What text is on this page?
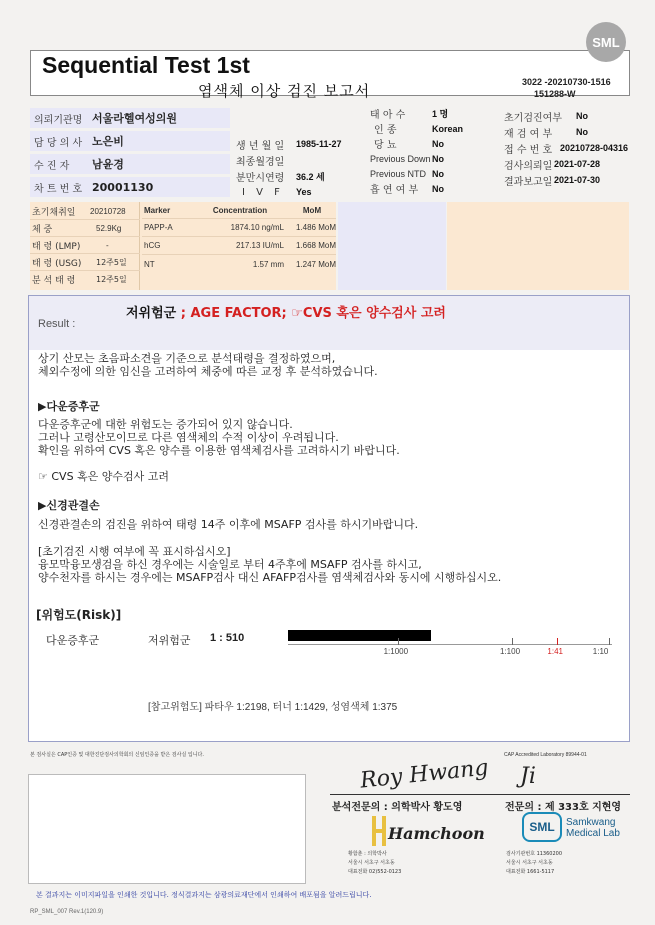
Sequential Test 1st
염색체 이상 검진 보고서	3022 -20210730-1516
151288-W
SML
의뢰기관명 서울라헬여성의원
담 당 의 사 노은비
수 진 자	남윤경
차 트 번 호 20001130
생 년 월 일	1985-11-27
최종월경일
분만시연령	36.2 세
I V F	Yes
태 아 수	1 명
인 종	Korean
당 뇨	No
Previous Down No
Previous NTD No
흡 연 여 부	No
초기검진여부	No
재 검 여 부	No
접 수 번 호 20210728-04316
검사의뢰일 2021-07-28
결과보고일 2021-07-30
초기채취일	20210728
체 중	52.9Kg
태 령 (LMP)	-
태 령 (USG)	12주5일
분 석 태 령	12주5일
Marker	Concentration	MoM
PAPP-A	1874.10 ng/mL	1.486 MoM
hCG	217.13 IU/mL	1.668 MoM
NT	1.57 mm	1.247 MoM
Result :
저위험군 ; AGE FACTOR; ☞CVS 혹은 양수검사 고려
상기 산모는 초음파소견을 기준으로 분석태령을 결정하였으며,
체외수정에 의한 임신을 고려하여 체중에 따른 교정 후 분석하였습니다.
▶다운증후군
다운증후군에 대한 위험도는 증가되어 있지 않습니다.
그러나 고령산모이므로 다른 염색체의 수적 이상이 우려됩니다.
확인을 위하여 CVS 혹은 양수를 이용한 염색체검사를 고려하시기 바랍니다.
☞ CVS 혹은 양수검사 고려
▶신경관결손
신경관결손의 검진을 위하여 태령 14주 이후에 MSAFP 검사를 하시기바랍니다.
[초기검진 시행 여부에 꼭 표시하십시오]
융모막융모생검을 하신 경우에는 시술일로 부터 4주후에 MSAFP 검사를 하시고,
양수천자를 하시는 경우에는 MSAFP검사 대신 AFAFP검사를 염색체검사와 동시에 시행하십시오.
[위험도(Risk)]
다운증후군	저위험군 1 : 510
1:1000	1:100	1:41	1:10
[참고위험도] 파타우 1:2198, 터너 1:1429, 성염색체 1:375
본 검사실은 CAP인증 및 대한진단검사의학회의 신임인증을 받은 검사실 입니다.	CAP Accredited Laboratory 89944-01
Roy Hwang Ji
분석전문의 : 의학박사 황도영	전문의 : 제 333호 지현영
Hamchoon
황함춘 : 의학박사
서울시 서초구 서초동
대표전화 02)552-0123
SML Samkwang
Medical Lab
검사기관번호 11360200
서울시 서초구 서초동
대표전화 1661-5117
본 결과지는 이미지파일을 인쇄한 것입니다. 정식결과지는 삼광의료재단에서 인쇄하여 배포됨을 알려드립니다.
RP_SML_007 Rev.1(120.9)
